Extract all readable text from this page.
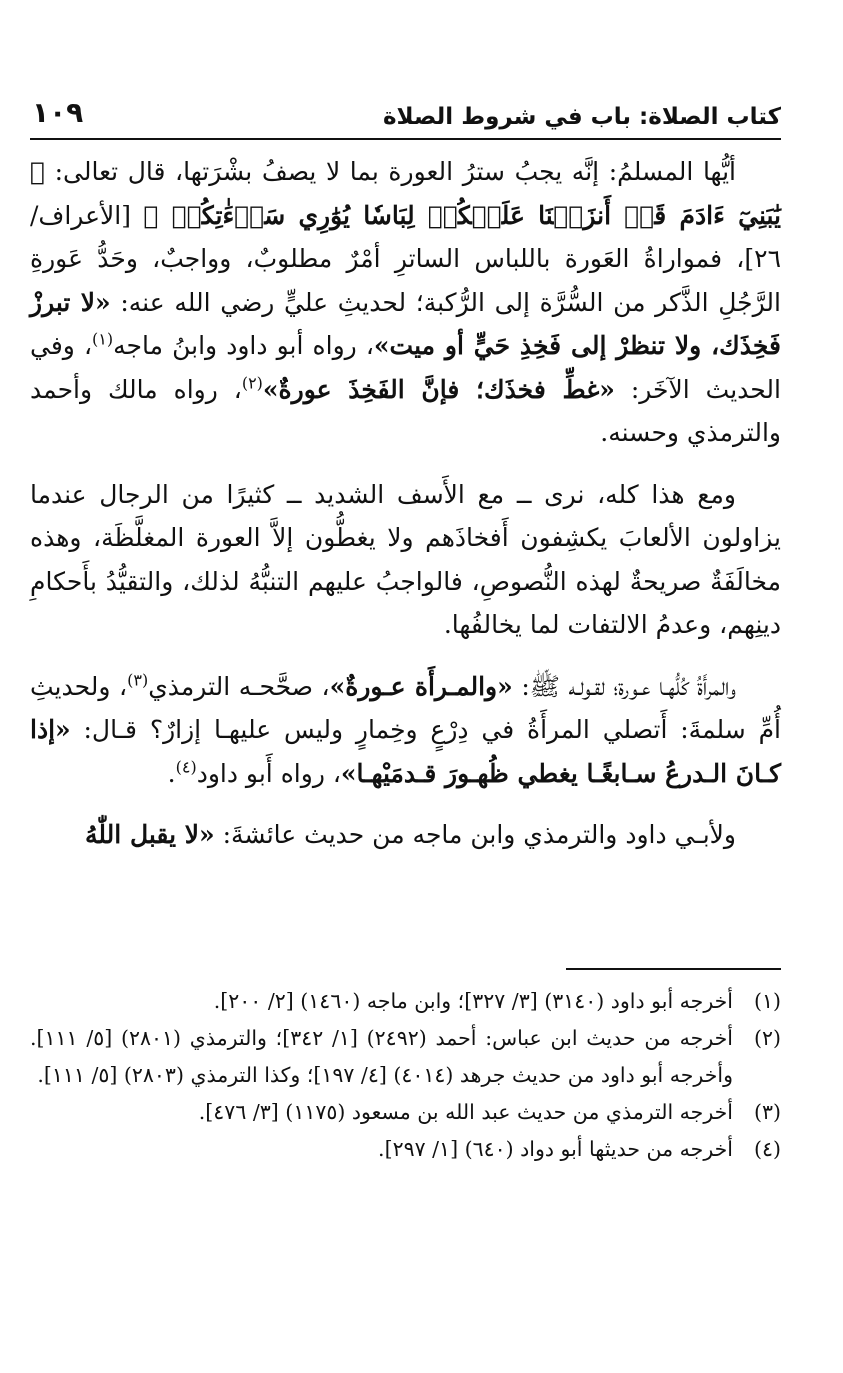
كتاب الصلاة: باب في شروط الصلاة
١٠٩

أيُّها المسلمُ: إنَّه يجبُ سترُ العورة بما لا يصفُ بشْرَتها، قال تعالى: ﴿ يَٰبَنِيٓ ءَادَمَ قَدۡ أَنزَلۡنَا عَلَيۡكُمۡ لِبَاسٗا يُوَٰرِي سَوۡءَٰتِكُمۡ ﴾ [الأعراف/ ٢٦]، فمواراةُ العَورة باللباس الساترِ أمْرٌ مطلوبٌ، وواجبٌ، وحَدُّ عَورةِ الرَّجُلِ الذَّكر من السُّرَّة إلى الرُّكبة؛ لحديثِ عليٍّ رضي الله عنه: «لا تبرزْ فَخِذَك، ولا تنظرْ إلى فَخِذِ حَيٍّ أو ميت»، رواه أبو داود وابنُ ماجه$^{(١)}$، وفي الحديث الآخَر: «غطِّ فخذَك؛ فإنَّ الفَخِذَ عورةٌ»$^{(٢)}$، رواه مالك وأحمد والترمذي وحسنه.

ومع هذا كله، نرى ــ مع الأَسف الشديد ــ كثيرًا من الرجال عندما يزاولون الألعابَ يكشِفون أَفخاذَهم ولا يغطُّون إلاَّ العورة المغلَّظَة، وهذه مخالَفَةٌ صريحةٌ لهذه النُّصوصِ، فالواجبُ عليهم التنبُّهُ لذلك، والتقيُّدُ بأَحكامِ دينِهم، وعدمُ الالتفات لما يخالفُها.

والمرأَةُ كُلُّهـا عـورة؛ لقـولـه ﷺ: «والمـرأَة عـورةٌ»، صحَّحـه الترمذي$^{(٣)}$، ولحديثِ أُمِّ سلمةَ: أَتصلي المرأَةُ في دِرْعٍ وخِمارٍ وليس عليهـا إزارٌ؟ قـال: «إذا كـانَ الـدرعُ سـابغًـا يغطي ظُهـورَ قـدمَيْهـا»، رواه أَبو داود$^{(٤)}$.

ولأبـي داود والترمذي وابن ماجه من حديث عائشةَ: «لا يقبل اللّٰهُ

(١)
أخرجه أبو داود (٣١٤٠) [٣/ ٣٢٧]؛ وابن ماجه (١٤٦٠) [٢/ ٢٠٠].
(٢)
أخرجه من حديث ابن عباس: أحمد (٢٤٩٢) [١/ ٣٤٢]؛ والترمذي (٢٨٠١) [٥/ ١١١]. وأخرجه أبو داود من حديث جرهد (٤٠١٤) [٤/ ١٩٧]؛ وكذا الترمذي (٢٨٠٣) [٥/ ١١١].
(٣)
أخرجه الترمذي من حديث عبد الله بن مسعود (١١٧٥) [٣/ ٤٧٦].
(٤)
أخرجه من حديثها أبو دواد (٦٤٠) [١/ ٢٩٧].
